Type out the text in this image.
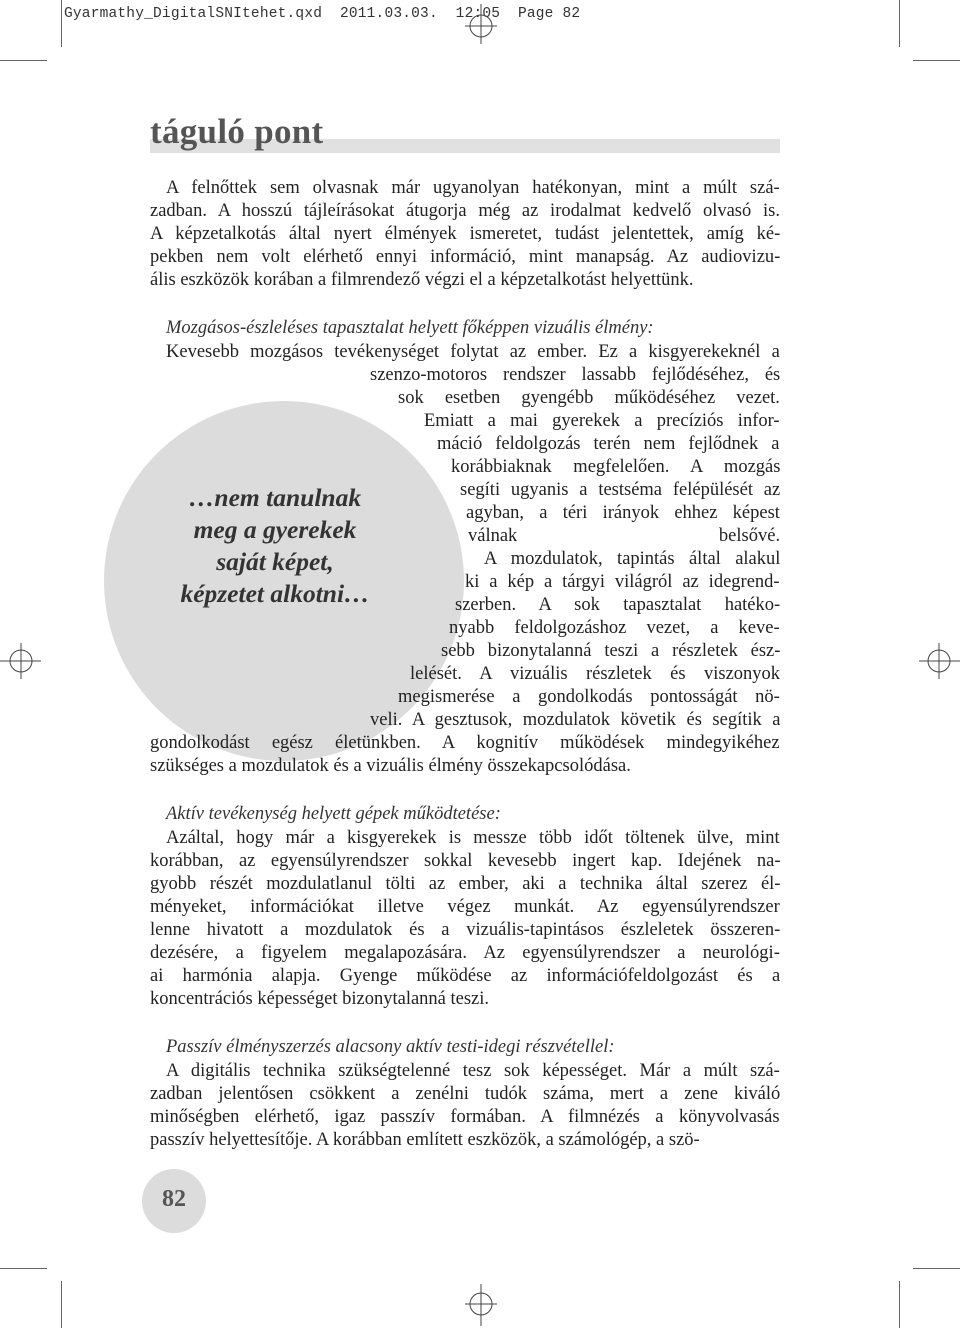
Gyarmathy_DigitalSNItehet.qxd  2011.03.03.  12:05  Page 82
táguló pont
…nem tanulnak
meg a gyerekek
saját képet,
képzetet alkotni…
A felnőttek sem olvasnak már ugyanolyan hatékonyan, mint a múlt szá-
zadban. A hosszú tájleírásokat átugorja még az irodalmat kedvelő olvasó is.
A képzetalkotás által nyert élmények ismeretet, tudást jelentettek, amíg ké-
pekben nem volt elérhető ennyi információ, mint manapság. Az audiovizu-
ális eszközök korában a filmrendező végzi el a képzetalkotást helyettünk.
Mozgásos-észleléses tapasztalat helyett főképpen vizuális élmény:
Kevesebb mozgásos tevékenységet folytat az ember. Ez a kisgyerekeknél a
szenzo-motoros rendszer lassabb fejlődéséhez, és
sok esetben gyengébb működéséhez vezet.
Emiatt a mai gyerekek a precíziós infor-
máció feldolgozás terén nem fejlődnek a
korábbiaknak megfelelően. A mozgás
segíti ugyanis a testséma felépülését az
agyban, a téri irányok ehhez képest
válnak belsővé.
A mozdulatok, tapintás által alakul
ki a kép a tárgyi világról az idegrend-
szerben. A sok tapasztalat hatéko-
nyabb feldolgozáshoz vezet, a keve-
sebb bizonytalanná teszi a részletek ész-
lelését. A vizuális részletek és viszonyok
megismerése a gondolkodás pontosságát nö-
veli. A gesztusok, mozdulatok követik és segítik a
gondolkodást egész életünkben. A kognitív működések mindegyikéhez
szükséges a mozdulatok és a vizuális élmény összekapcsolódása.
Aktív tevékenység helyett gépek működtetése:
Azáltal, hogy már a kisgyerekek is messze több időt töltenek ülve, mint
korábban, az egyensúlyrendszer sokkal kevesebb ingert kap. Idejének na-
gyobb részét mozdulatlanul tölti az ember, aki a technika által szerez él-
ményeket, információkat illetve végez munkát. Az egyensúlyrendszer
lenne hivatott a mozdulatok és a vizuális-tapintásos észleletek összeren-
dezésére, a figyelem megalapozására. Az egyensúlyrendszer a neurológi-
ai harmónia alapja. Gyenge működése az információfeldolgozást és a
koncentrációs képességet bizonytalanná teszi.
Passzív élményszerzés alacsony aktív testi-idegi részvétellel:
A digitális technika szükségtelenné tesz sok képességet. Már a múlt szá-
zadban jelentősen csökkent a zenélni tudók száma, mert a zene kiváló
minőségben elérhető, igaz passzív formában. A filmnézés a könyvolvasás
passzív helyettesítője. A korábban említett eszközök, a számológép, a szö-
82
